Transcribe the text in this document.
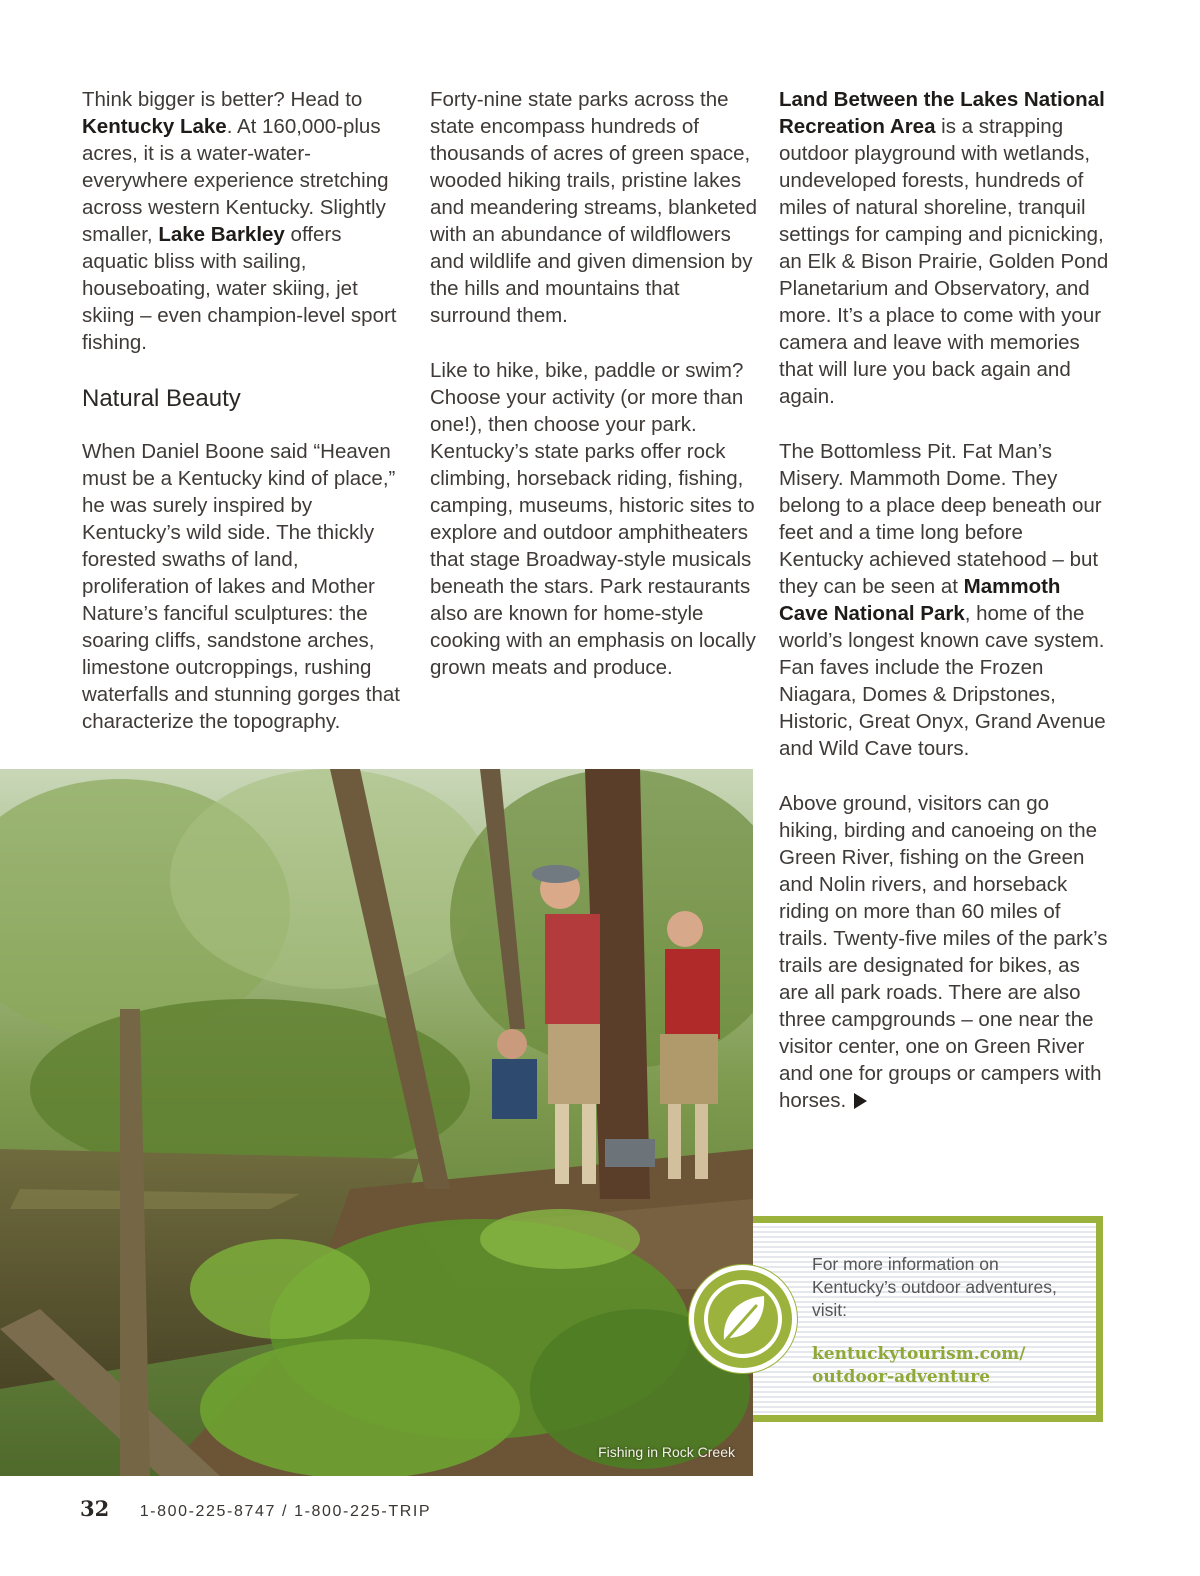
Think bigger is better? Head to Kentucky Lake. At 160,000-plus acres, it is a water-water-everywhere experience stretching across western Kentucky. Slightly smaller, Lake Barkley offers aquatic bliss with sailing, houseboating, water skiing, jet skiing – even champion-level sport fishing.

Natural Beauty

When Daniel Boone said “Heaven must be a Kentucky kind of place,” he was surely inspired by Kentucky’s wild side. The thickly forested swaths of land, proliferation of lakes and Mother Nature’s fanciful sculptures: the soaring cliffs, sandstone arches, limestone outcroppings, rushing waterfalls and stunning gorges that characterize the topography.

Forty-nine state parks across the state encompass hundreds of thousands of acres of green space, wooded hiking trails, pristine lakes and meandering streams, blanketed with an abundance of wildflowers and wildlife and given dimension by the hills and mountains that surround them.

Like to hike, bike, paddle or swim? Choose your activity (or more than one!), then choose your park. Kentucky’s state parks offer rock climbing, horseback riding, fishing, camping, museums, historic sites to explore and outdoor amphitheaters that stage Broadway-style musicals beneath the stars. Park restaurants also are known for home-style cooking with an emphasis on locally grown meats and produce.

Land Between the Lakes National Recreation Area is a strapping outdoor playground with wetlands, undeveloped forests, hundreds of miles of natural shoreline, tranquil settings for camping and picnicking, an Elk & Bison Prairie, Golden Pond Planetarium and Observatory, and more. It’s a place to come with your camera and leave with memories that will lure you back again and again.

The Bottomless Pit. Fat Man’s Misery. Mammoth Dome. They belong to a place deep beneath our feet and a time long before Kentucky achieved statehood – but they can be seen at Mammoth Cave National Park, home of the world’s longest known cave system. Fan faves include the Frozen Niagara, Domes & Dripstones, Historic, Great Onyx, Grand Avenue and Wild Cave tours.

Above ground, visitors can go hiking, birding and canoeing on the Green River, fishing on the Green and Nolin rivers, and horseback riding on more than 60 miles of trails. Twenty-five miles of the park’s trails are designated for bikes, as are all park roads. There are also three campgrounds – one near the visitor center, one on Green River and one for groups or campers with horses.

Fishing in Rock Creek
For more information on Kentucky’s outdoor adventures, visit:
kentuckytourism.com/
outdoor-adventure
32 1-800-225-8747 / 1-800-225-TRIP
